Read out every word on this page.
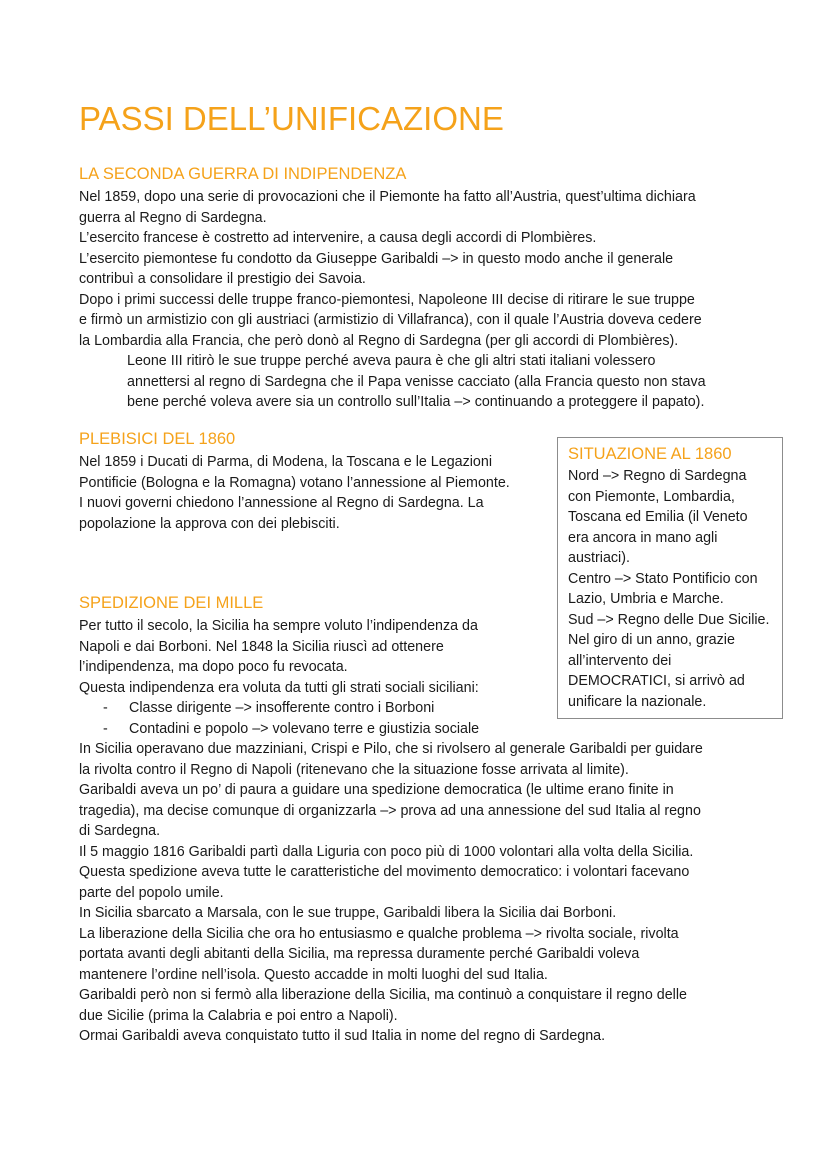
PASSI DELL’UNIFICAZIONE
LA SECONDA GUERRA DI INDIPENDENZA
Nel 1859, dopo una serie di provocazioni che il Piemonte ha fatto all’Austria, quest’ultima dichiara
guerra al Regno di Sardegna.
L’esercito francese è costretto ad intervenire, a causa degli accordi di Plombières.
L’esercito piemontese fu condotto da Giuseppe Garibaldi –> in questo modo anche il generale
contribuì a consolidare il prestigio dei Savoia.
Dopo i primi successi delle truppe franco-piemontesi, Napoleone III decise di ritirare le sue truppe
e firmò un armistizio con gli austriaci (armistizio di Villafranca), con il quale l’Austria doveva cedere
la Lombardia alla Francia, che però donò al Regno di Sardegna (per gli accordi di Plombières).
Leone III ritirò le sue truppe perché aveva paura è che gli altri stati italiani volessero
annettersi al regno di Sardegna che il Papa venisse cacciato (alla Francia questo non stava
bene perché voleva avere sia un controllo sull’Italia –> continuando a proteggere il papato).
PLEBISICI DEL 1860
Nel 1859 i Ducati di Parma, di Modena, la Toscana e le Legazioni
Pontificie (Bologna e la Romagna) votano l’annessione al Piemonte.
I nuovi governi chiedono l’annessione al Regno di Sardegna. La
popolazione la approva con dei plebisciti.
SITUAZIONE AL 1860
Nord –> Regno di Sardegna
con Piemonte, Lombardia,
Toscana ed Emilia (il Veneto
era ancora in mano agli
austriaci).
Centro –> Stato Pontificio con
Lazio, Umbria e Marche.
Sud –> Regno delle Due Sicilie.
Nel giro di un anno, grazie
all’intervento dei
DEMOCRATICI, si arrivò ad
unificare la nazionale.
SPEDIZIONE DEI MILLE
Per tutto il secolo, la Sicilia ha sempre voluto l’indipendenza da
Napoli e dai Borboni. Nel 1848 la Sicilia riuscì ad ottenere
l’indipendenza, ma dopo poco fu revocata.
Questa indipendenza era voluta da tutti gli strati sociali siciliani:
- Classe dirigente –> insofferente contro i Borboni
- Contadini e popolo –> volevano terre e giustizia sociale
In Sicilia operavano due mazziniani, Crispi e Pilo, che si rivolsero al generale Garibaldi per guidare
la rivolta contro il Regno di Napoli (ritenevano che la situazione fosse arrivata al limite).
Garibaldi aveva un po’ di paura a guidare una spedizione democratica (le ultime erano finite in
tragedia), ma decise comunque di organizzarla –> prova ad una annessione del sud Italia al regno
di Sardegna.
Il 5 maggio 1816 Garibaldi partì dalla Liguria con poco più di 1000 volontari alla volta della Sicilia.
Questa spedizione aveva tutte le caratteristiche del movimento democratico: i volontari facevano
parte del popolo umile.
In Sicilia sbarcato a Marsala, con le sue truppe, Garibaldi libera la Sicilia dai Borboni.
La liberazione della Sicilia che ora ho entusiasmo e qualche problema –> rivolta sociale, rivolta
portata avanti degli abitanti della Sicilia, ma repressa duramente perché Garibaldi voleva
mantenere l’ordine nell’isola. Questo accadde in molti luoghi del sud Italia.
Garibaldi però non si fermò alla liberazione della Sicilia, ma continuò a conquistare il regno delle
due Sicilie (prima la Calabria e poi entro a Napoli).
Ormai Garibaldi aveva conquistato tutto il sud Italia in nome del regno di Sardegna.
